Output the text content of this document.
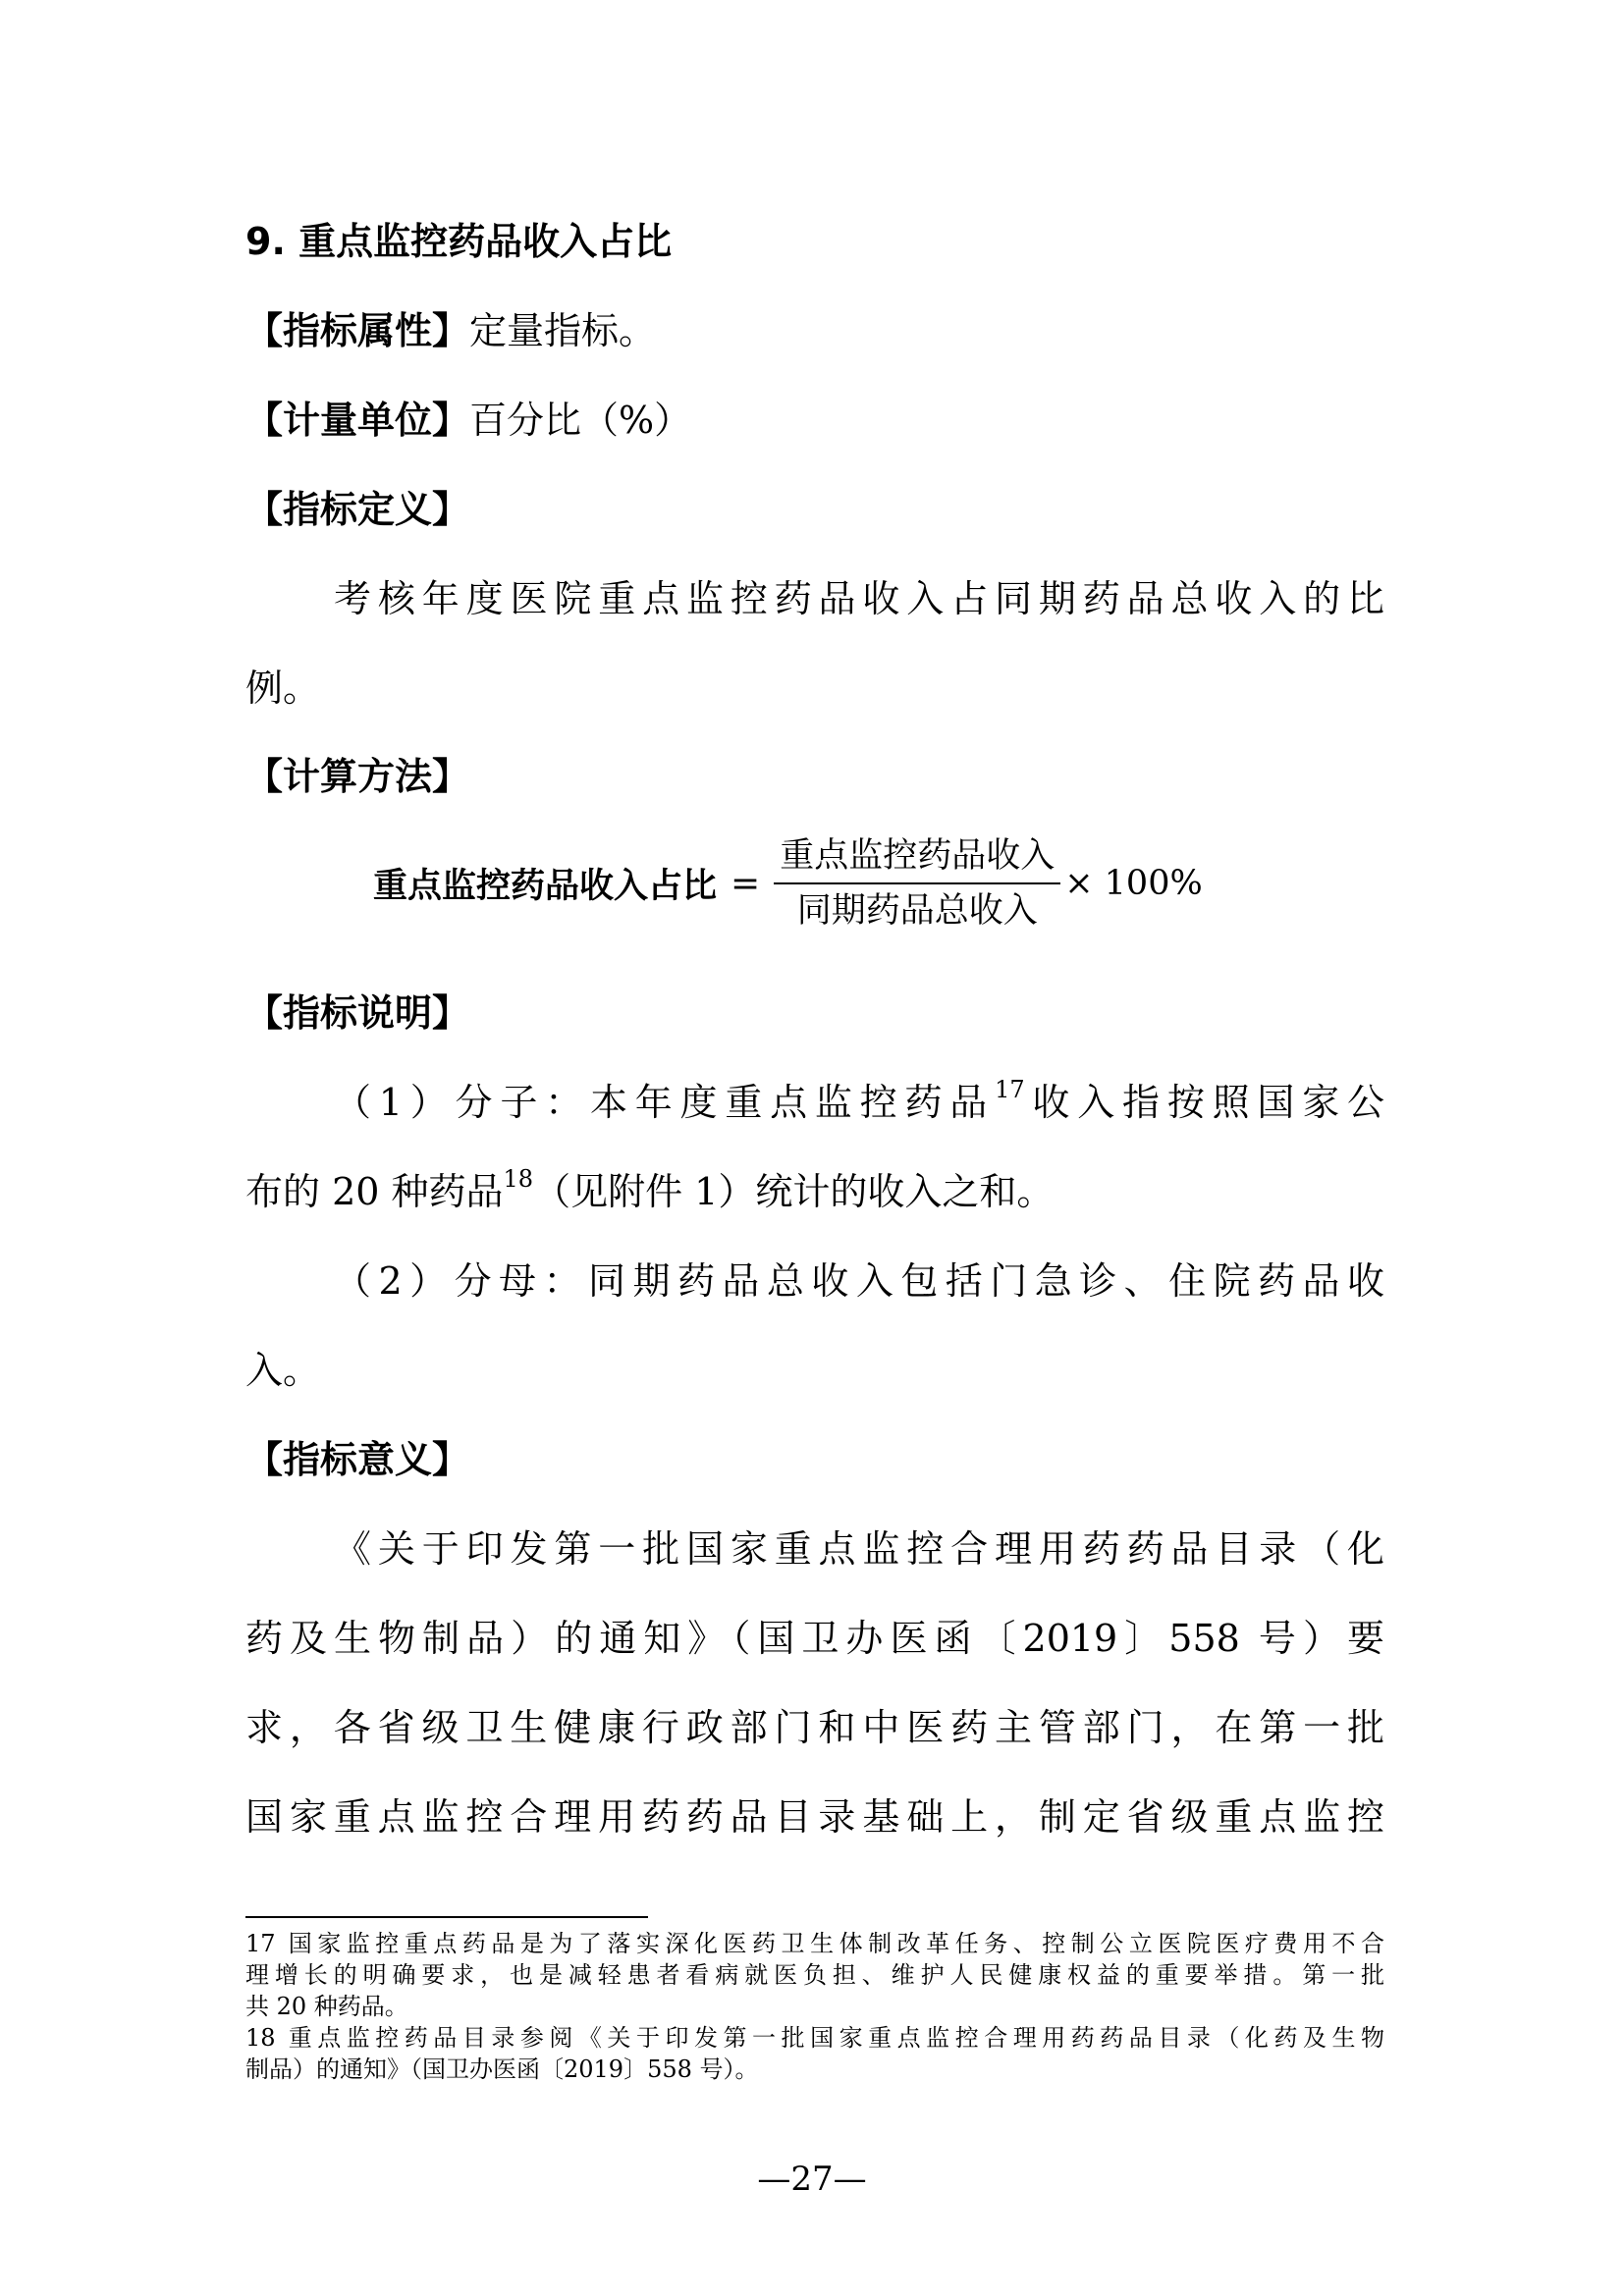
9. 重点监控药品收入占比
【指标属性】定量指标。
【计量单位】百分比（%）
【指标定义】
考核年度医院重点监控药品收入占同期药品总收入的比
例。
【计算方法】
重点监控药品收入占比 = $\frac{\text{重点监控药品收入}}{\text{同期药品总收入}} \times 100\%$
【指标说明】
（1）分子：本年度重点监控药品$^{17}$收入指按照国家公
布的 20 种药品$^{18}$（见附件 1）统计的收入之和。
（2）分母：同期药品总收入包括门急诊、住院药品收
入。
【指标意义】
《关于印发第一批国家重点监控合理用药药品目录（化
药及生物制品）的通知》（国卫办医函〔2019〕558 号）要
求，各省级卫生健康行政部门和中医药主管部门，在第一批
国家重点监控合理用药药品目录基础上，制定省级重点监控
17 国家监控重点药品是为了落实深化医药卫生体制改革任务、控制公立医院医疗费用不合
理增长的明确要求，也是减轻患者看病就医负担、维护人民健康权益的重要举措。第一批
共 20 种药品。
18 重点监控药品目录参阅《关于印发第一批国家重点监控合理用药药品目录（化药及生物
制品）的通知》（国卫办医函〔2019〕558 号）。
—27—
